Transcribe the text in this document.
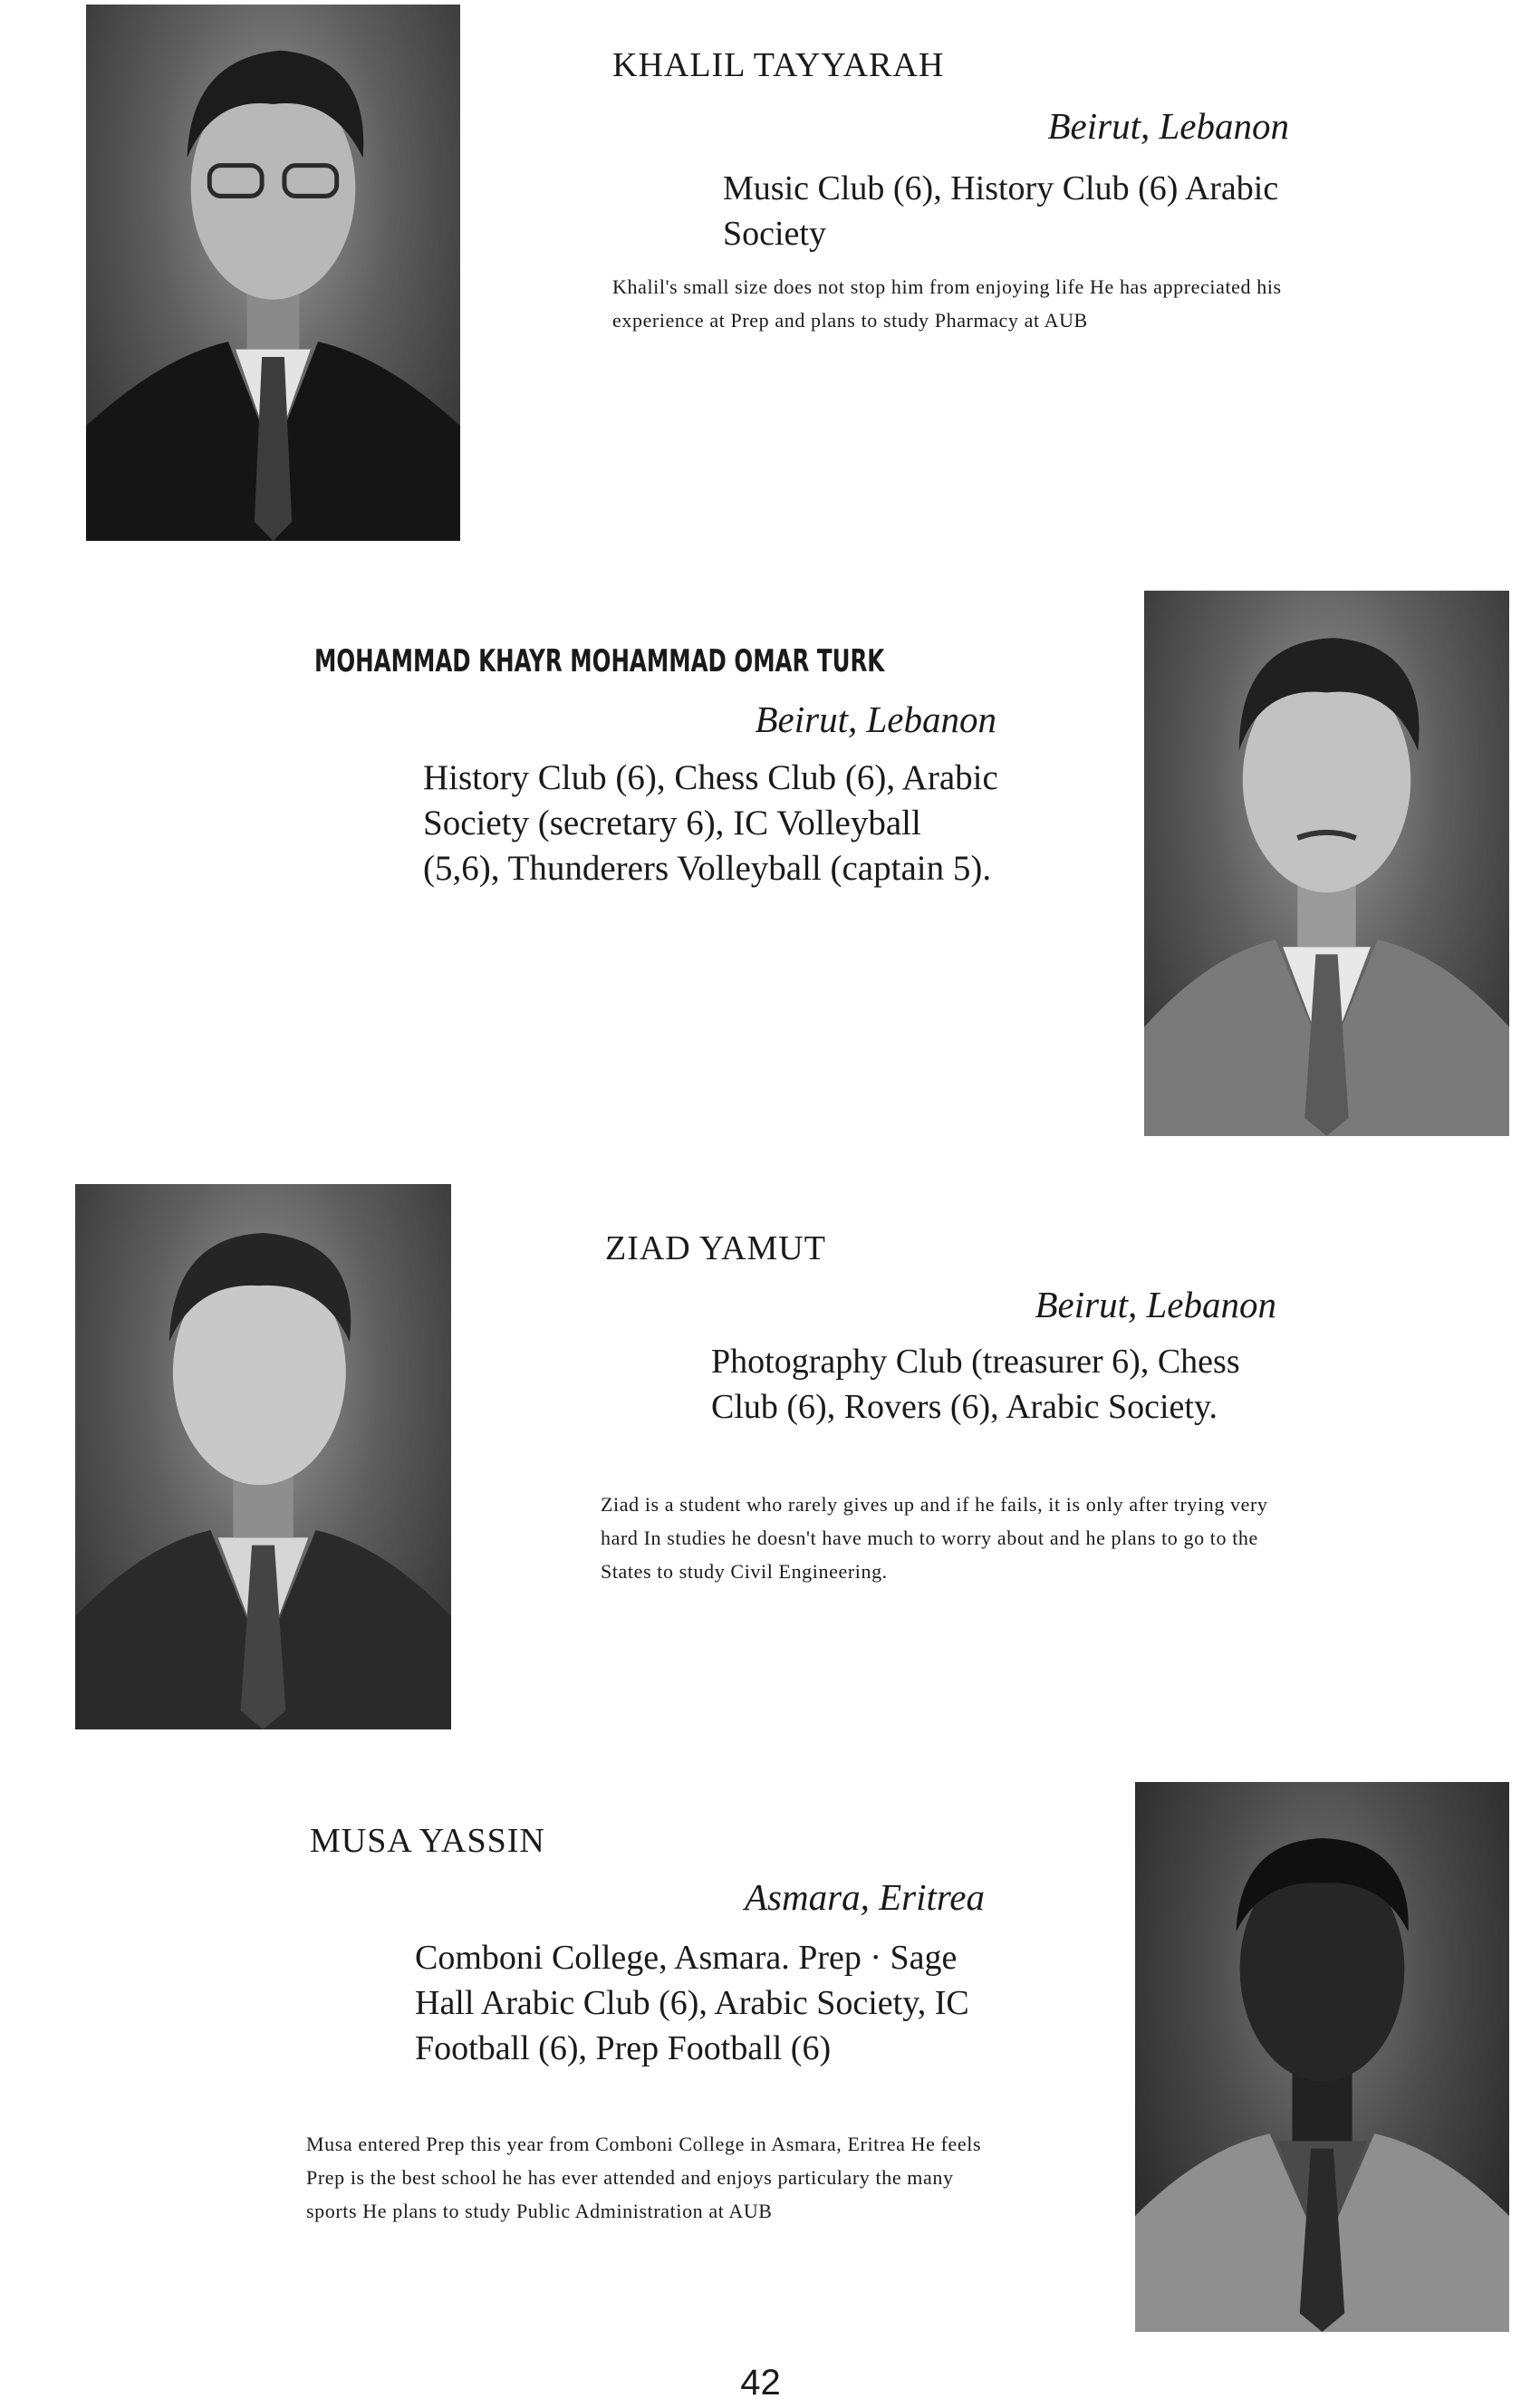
KHALIL TAYYARAH
Beirut, Lebanon

Music Club (6), History Club (6) Arabic Society

Khalil's small size does not stop him from enjoying life He has appreciated his experience at Prep and plans to study Pharmacy at AUB

MOHAMMAD KHAYR MOHAMMAD OMAR TURK
Beirut, Lebanon

History Club (6), Chess Club (6), Arabic Society (secretary 6), IC Volleyball (5,6), Thunderers Volleyball (captain 5).

ZIAD YAMUT
Beirut, Lebanon

Photography Club (treasurer 6), Chess Club (6), Rovers (6), Arabic Society.

Ziad is a student who rarely gives up and if he fails, it is only after trying very hard In studies he doesn't have much to worry about and he plans to go to the States to study Civil Engineering.

MUSA YASSIN
Asmara, Eritrea

Comboni College, Asmara. Prep · Sage Hall Arabic Club (6), Arabic Society, IC Football (6), Prep Football (6)

Musa entered Prep this year from Comboni College in Asmara, Eritrea He feels Prep is the best school he has ever attended and enjoys particulary the many sports He plans to study Public Administration at AUB

42
